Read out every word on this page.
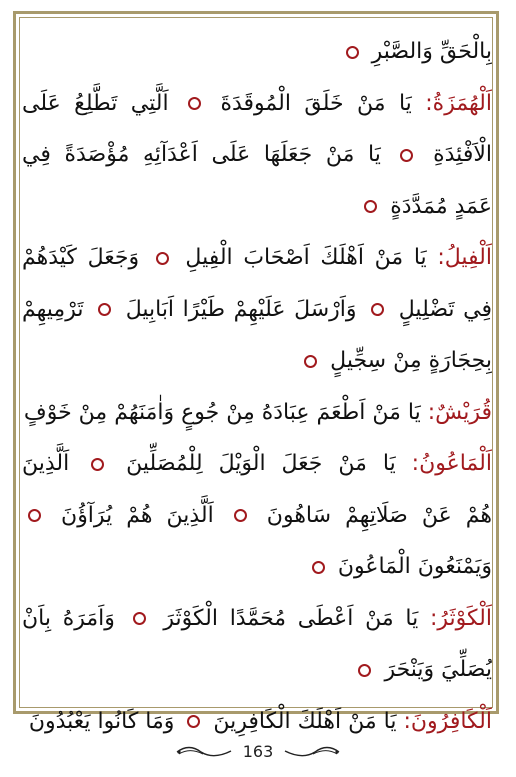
بِالْحَقِّ وَالصَّبْرِ
اَلْهُمَزَةُ: يَا مَنْ خَلَقَ الْمُوقَدَةَ  اَلَّتِي تَطَّلِعُ عَلَى
الْاَفْئِدَةِ  يَا مَنْ جَعَلَهَا عَلَى اَعْدَآئِهِ مُؤْصَدَةً فِي
عَمَدٍ مُمَدَّدَةٍ
اَلْفِيلُ: يَا مَنْ اَهْلَكَ اَصْحَابَ الْفِيلِ  وَجَعَلَ كَيْدَهُمْ
فِي تَضْلِيلٍ  وَاَرْسَلَ عَلَيْهِمْ طَيْرًا اَبَابِيلَ  تَرْمِيهِمْ
بِحِجَارَةٍ مِنْ سِجِّيلٍ
قُرَيْشٌ: يَا مَنْ اَطْعَمَ عِبَادَهُ مِنْ جُوعٍ وَاٰمَنَهُمْ مِنْ خَوْفٍ
اَلْمَاعُونُ: يَا مَنْ جَعَلَ الْوَيْلَ لِلْمُصَلِّينَ  اَلَّذِينَ
هُمْ عَنْ صَلَاتِهِمْ سَاهُونَ  اَلَّذِينَ هُمْ يُرَآؤُنَ
وَيَمْنَعُونَ الْمَاعُونَ
اَلْكَوْثَرُ: يَا مَنْ اَعْطَى مُحَمَّدًا الْكَوْثَرَ  وَاَمَرَهُ بِاَنْ
يُصَلِّيَ وَيَنْحَرَ
اَلْكَافِرُونَ: يَا مَنْ اَهْلَكَ الْكَافِرِينَ  وَمَا كَانُوا يَعْبُدُونَ
163
